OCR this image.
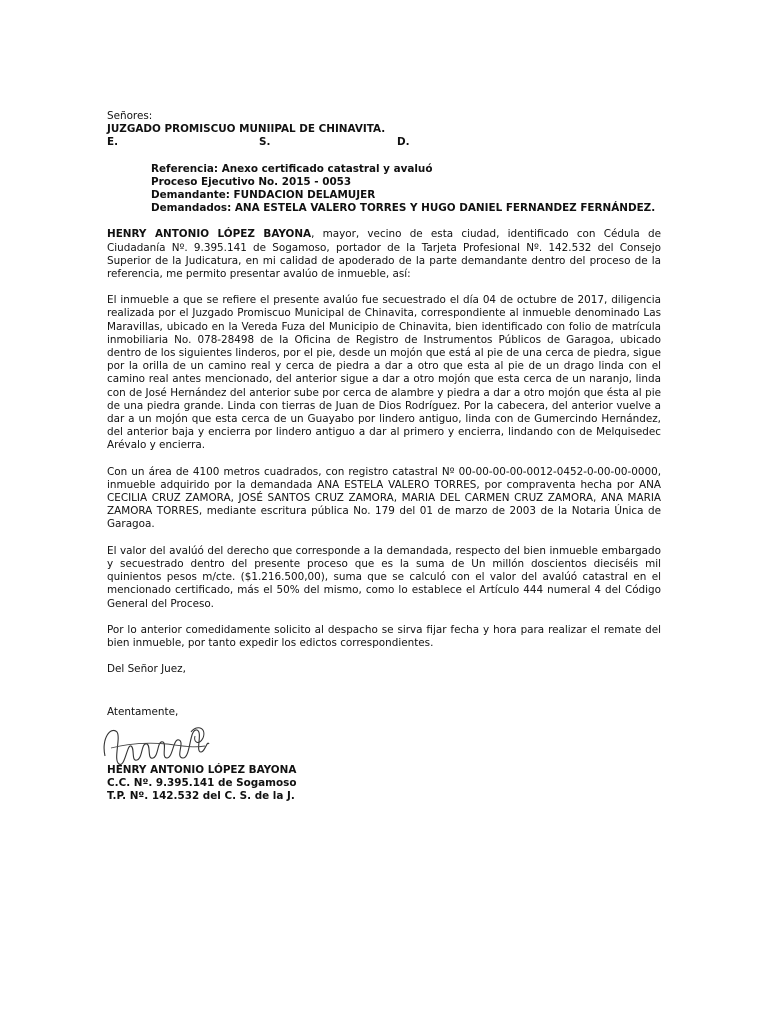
Señores:

JUZGADO PROMISCUO MUNIIPAL DE CHINAVITA.

E.	S.	D.

Referencia: Anexo certificado catastral y avaluó

Proceso Ejecutivo No. 2015 - 0053

Demandante: FUNDACION DELAMUJER

Demandados: ANA ESTELA VALERO TORRES Y HUGO DANIEL FERNANDEZ FERNÁNDEZ.

HENRY ANTONIO LÓPEZ BAYONA, mayor, vecino de esta ciudad, identificado con Cédula de Ciudadanía Nº. 9.395.141 de Sogamoso, portador de la Tarjeta Profesional Nº. 142.532 del Consejo Superior de la Judicatura, en mi calidad de apoderado de la parte demandante dentro del proceso de la referencia, me permito presentar avalúo de inmueble, así:

El inmueble a que se refiere el presente avalúo fue secuestrado el día 04 de octubre de 2017, diligencia realizada por el Juzgado Promiscuo Municipal de Chinavita, correspondiente al inmueble denominado Las Maravillas, ubicado en la Vereda Fuza del Municipio de Chinavita, bien identificado con folio de matrícula inmobiliaria No. 078-28498 de la Oficina de Registro de Instrumentos Públicos de Garagoa, ubicado dentro de los siguientes linderos, por el pie, desde un mojón que está al pie de una cerca de piedra, sigue por la orilla de un camino real y cerca de piedra a dar a otro que esta al pie de un drago linda con el camino real antes mencionado, del anterior sigue a dar a otro mojón que esta cerca de un naranjo, linda con de José Hernández del anterior sube por cerca de alambre y piedra a dar a otro mojón que ésta al pie de una piedra grande. Linda con tierras de Juan de Dios Rodríguez. Por la cabecera, del anterior vuelve a dar a un mojón que esta cerca de un Guayabo por lindero antiguo, linda con de Gumercindo Hernández, del anterior baja y encierra por lindero antiguo a dar al primero y encierra, lindando con de Melquisedec Arévalo y encierra.

Con un área de 4100 metros cuadrados, con registro catastral Nº 00-00-00-00-0012-0452-0-00-00-0000, inmueble adquirido por la demandada ANA ESTELA VALERO TORRES, por compraventa hecha por ANA CECILIA CRUZ ZAMORA, JOSÉ SANTOS CRUZ ZAMORA, MARIA DEL CARMEN CRUZ ZAMORA, ANA MARIA ZAMORA TORRES, mediante escritura pública No. 179 del 01 de marzo de 2003 de la Notaria Única de Garagoa.

El valor del avalúó del derecho que corresponde a la demandada, respecto del bien inmueble embargado y secuestrado dentro del presente proceso que es la suma de Un millón doscientos dieciséis mil quinientos pesos m/cte. ($1.216.500,00), suma que se calculó con el valor del avalúó catastral en el mencionado certificado, más el 50% del mismo, como lo establece el Artículo 444 numeral 4 del Código General del Proceso.

Por lo anterior comedidamente solicito al despacho se sirva fijar fecha y hora para realizar el remate del bien inmueble, por tanto expedir los edictos correspondientes.

Del Señor Juez,

Atentamente,

HENRY ANTONIO LÓPEZ BAYONA

C.C. Nº. 9.395.141 de Sogamoso

T.P. Nº. 142.532 del C. S. de la J.
